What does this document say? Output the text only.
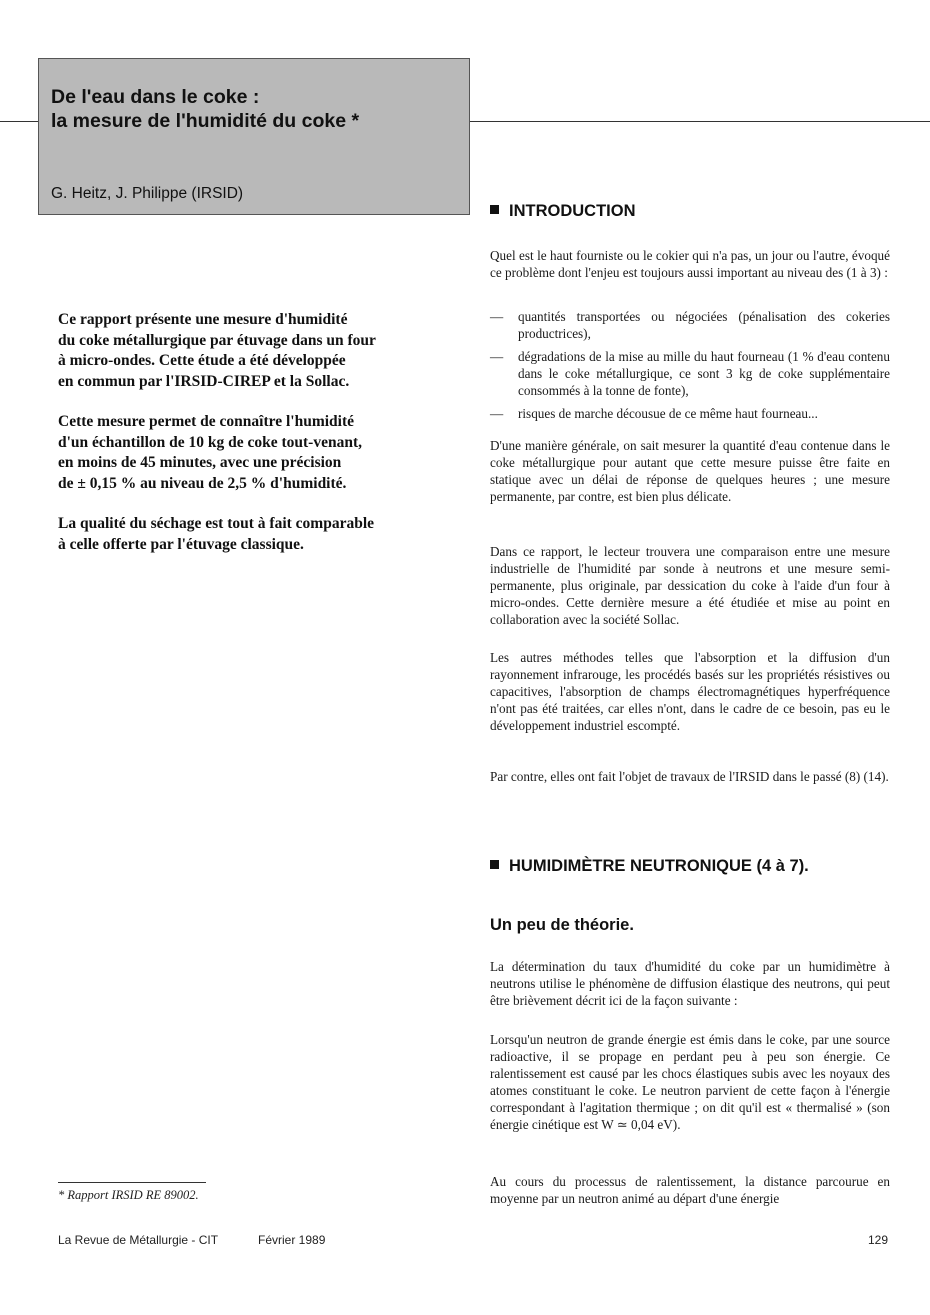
De l'eau dans le coke :
la mesure de l'humidité du coke *
G. Heitz, J. Philippe (IRSID)

Ce rapport présente une mesure d'humidité
du coke métallurgique par étuvage dans un four
à micro-ondes. Cette étude a été développée
en commun par l'IRSID-CIREP et la Sollac.

Cette mesure permet de connaître l'humidité
d'un échantillon de 10 kg de coke tout-venant,
en moins de 45 minutes, avec une précision
de ± 0,15 % au niveau de 2,5 % d'humidité.

La qualité du séchage est tout à fait comparable
à celle offerte par l'étuvage classique.

INTRODUCTION

Quel est le haut fourniste ou le cokier qui n'a pas, un jour ou l'autre, évoqué ce problème dont l'enjeu est toujours aussi important au niveau des (1 à 3) :

—	quantités transportées ou négociées (pénalisation des cokeries productrices),
—	dégradations de la mise au mille du haut fourneau (1 % d'eau contenu dans le coke métallurgique, ce sont 3 kg de coke supplémentaire consommés à la tonne de fonte),
—	risques de marche décousue de ce même haut fourneau...

D'une manière générale, on sait mesurer la quantité d'eau contenue dans le coke métallurgique pour autant que cette mesure puisse être faite en statique avec un délai de réponse de quelques heures ; une mesure permanente, par contre, est bien plus délicate.

Dans ce rapport, le lecteur trouvera une comparaison entre une mesure industrielle de l'humidité par sonde à neutrons et une mesure semi-permanente, plus originale, par dessication du coke à l'aide d'un four à micro-ondes. Cette dernière mesure a été étudiée et mise au point en collaboration avec la société Sollac.

Les autres méthodes telles que l'absorption et la diffusion d'un rayonnement infrarouge, les procédés basés sur les propriétés résistives ou capacitives, l'absorption de champs électromagnétiques hyperfréquence n'ont pas été traitées, car elles n'ont, dans le cadre de ce besoin, pas eu le développement industriel escompté.

Par contre, elles ont fait l'objet de travaux de l'IRSID dans le passé (8) (14).

HUMIDIMÈTRE NEUTRONIQUE (4 à 7).
Un peu de théorie.

La détermination du taux d'humidité du coke par un humidimètre à neutrons utilise le phénomène de diffusion élastique des neutrons, qui peut être brièvement décrit ici de la façon suivante :

Lorsqu'un neutron de grande énergie est émis dans le coke, par une source radioactive, il se propage en perdant peu à peu son énergie. Ce ralentissement est causé par les chocs élastiques subis avec les noyaux des atomes constituant le coke. Le neutron parvient de cette façon à l'énergie correspondant à l'agitation thermique ; on dit qu'il est « thermalisé » (son énergie cinétique est W ≃ 0,04 eV).

Au cours du processus de ralentissement, la distance parcourue en moyenne par un neutron animé au départ d'une énergie

* Rapport IRSID RE 89002.
La Revue de Métallurgie - CIT	Février 1989	129
